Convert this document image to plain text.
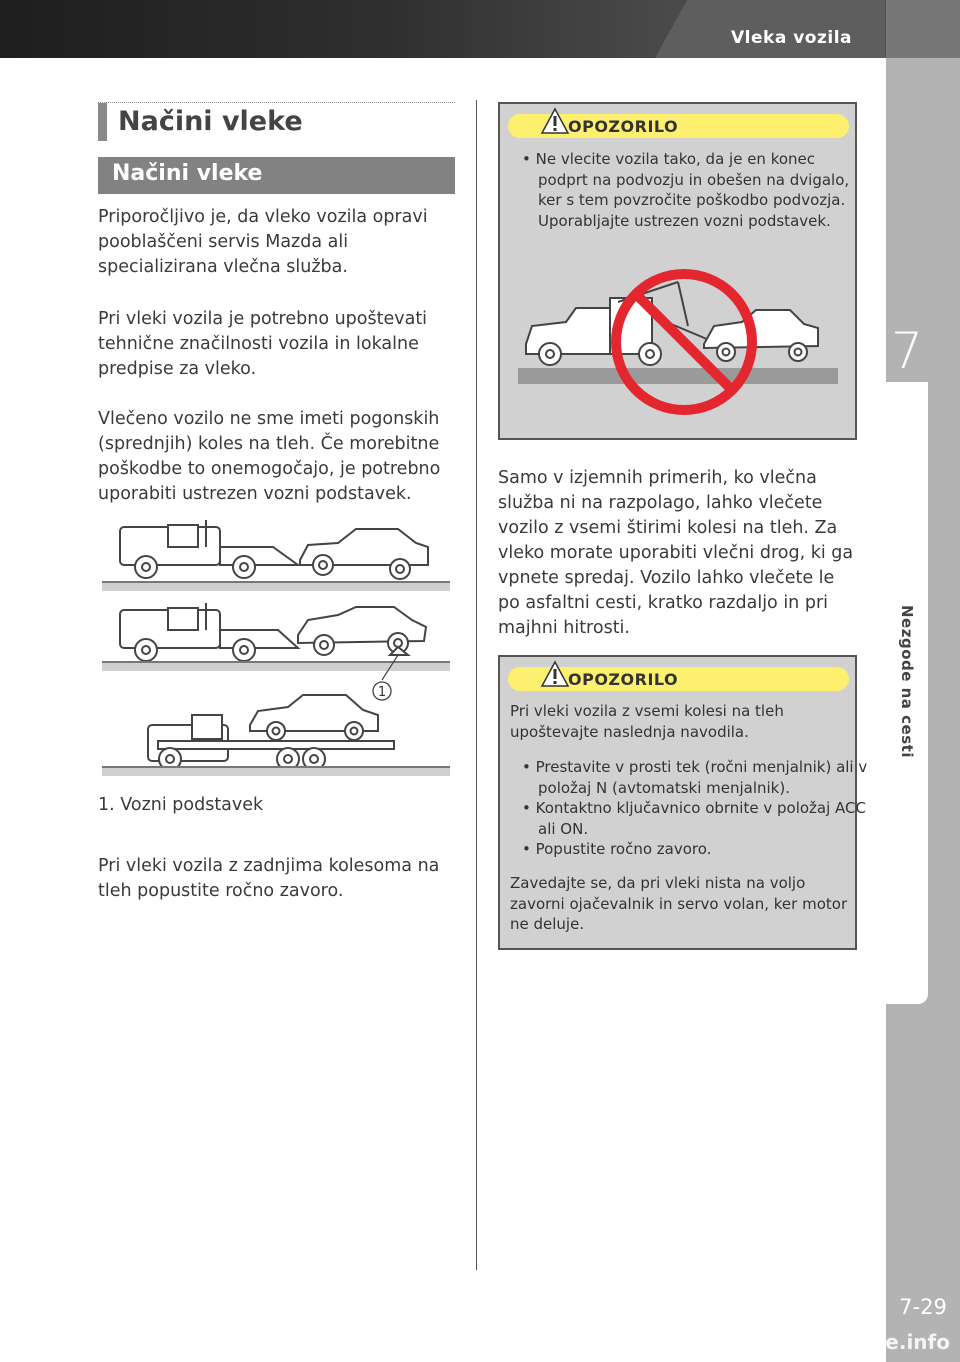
Vleka vozila
7
Nezgode na cesti
7-29
carmanualsonline.info
Načini vleke
Načini vleke

Priporočljivo je, da vleko vozila opravi pooblaščeni servis Mazda ali specializirana vlečna služba.

Pri vleki vozila je potrebno upoštevati tehnične značilnosti vozila in lokalne predpise za vleko.

Vlečeno vozilo ne sme imeti pogonskih (sprednjih) koles na tleh. Če morebitne poškodbe to onemogočajo, je potrebno uporabiti ustrezen vozni podstavek.

1

1. Vozni podstavek

Pri vleki vozila z zadnjima kolesoma na tleh popustite ročno zavoro.

OPOZORILO

• Ne vlecite vozila tako, da je en konec podprt na podvozju in obešen na dvigalo, ker s tem povzročite poškodbo podvozja. Uporabljajte ustrezen vozni podstavek.

Samo v izjemnih primerih, ko vlečna služba ni na razpolago, lahko vlečete vozilo z vsemi štirimi kolesi na tleh. Za vleko morate uporabiti vlečni drog, ki ga vpnete spredaj. Vozilo lahko vlečete le po asfaltni cesti, kratko razdaljo in pri majhni hitrosti.

OPOZORILO

Pri vleki vozila z vsemi kolesi na tleh upoštevajte naslednja navodila.

• Prestavite v prosti tek (ročni menjalnik) ali v položaj N (avtomatski menjalnik).

• Kontaktno ključavnico obrnite v položaj ACC ali ON.

• Popustite ročno zavoro.

Zavedajte se, da pri vleki nista na voljo zavorni ojačevalnik in servo volan, ker motor ne deluje.
